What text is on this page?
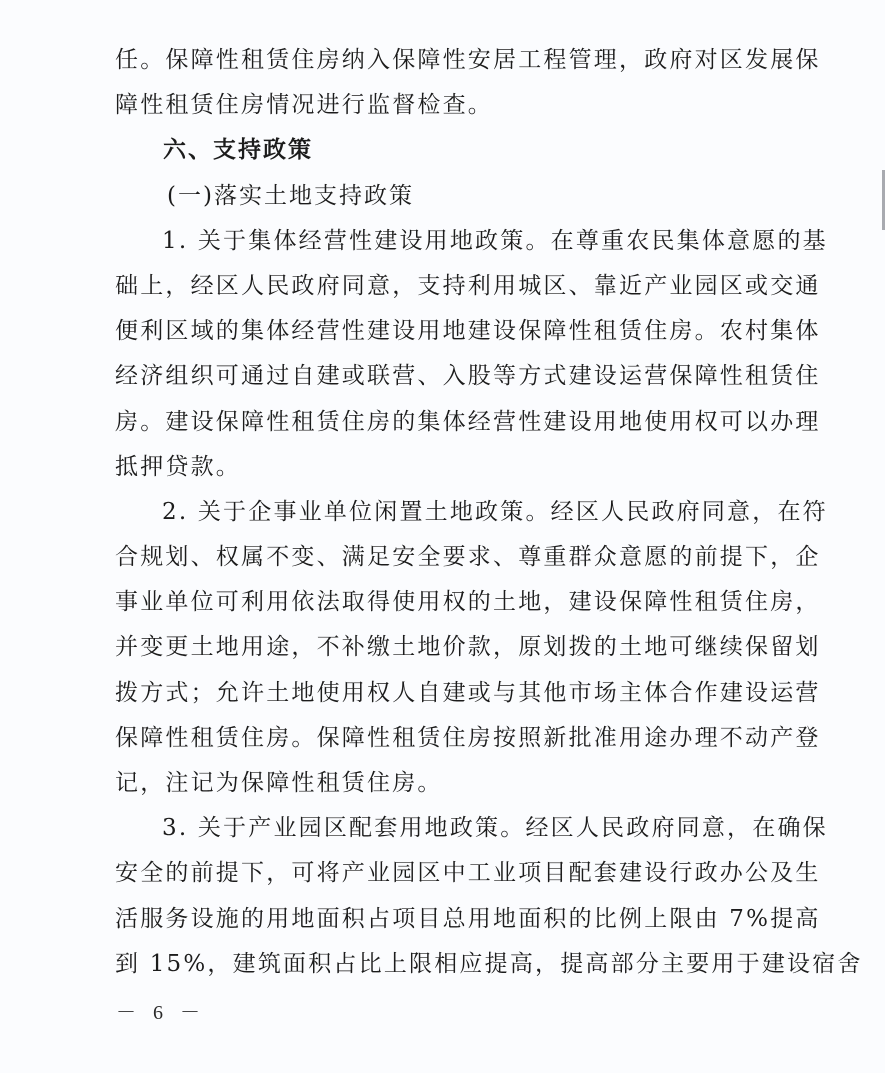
任。保障性租赁住房纳入保障性安居工程管理，政府对区发展保
障性租赁住房情况进行监督检查。
六、支持政策
(一)落实土地支持政策
1. 关于集体经营性建设用地政策。在尊重农民集体意愿的基
础上，经区人民政府同意，支持利用城区、靠近产业园区或交通
便利区域的集体经营性建设用地建设保障性租赁住房。农村集体
经济组织可通过自建或联营、入股等方式建设运营保障性租赁住
房。建设保障性租赁住房的集体经营性建设用地使用权可以办理
抵押贷款。
2. 关于企事业单位闲置土地政策。经区人民政府同意，在符
合规划、权属不变、满足安全要求、尊重群众意愿的前提下，企
事业单位可利用依法取得使用权的土地，建设保障性租赁住房，
并变更土地用途，不补缴土地价款，原划拨的土地可继续保留划
拨方式；允许土地使用权人自建或与其他市场主体合作建设运营
保障性租赁住房。保障性租赁住房按照新批准用途办理不动产登
记，注记为保障性租赁住房。
3. 关于产业园区配套用地政策。经区人民政府同意，在确保
安全的前提下，可将产业园区中工业项目配套建设行政办公及生
活服务设施的用地面积占项目总用地面积的比例上限由 7%提高
到 15%，建筑面积占比上限相应提高，提高部分主要用于建设宿舍
－ 6 －
